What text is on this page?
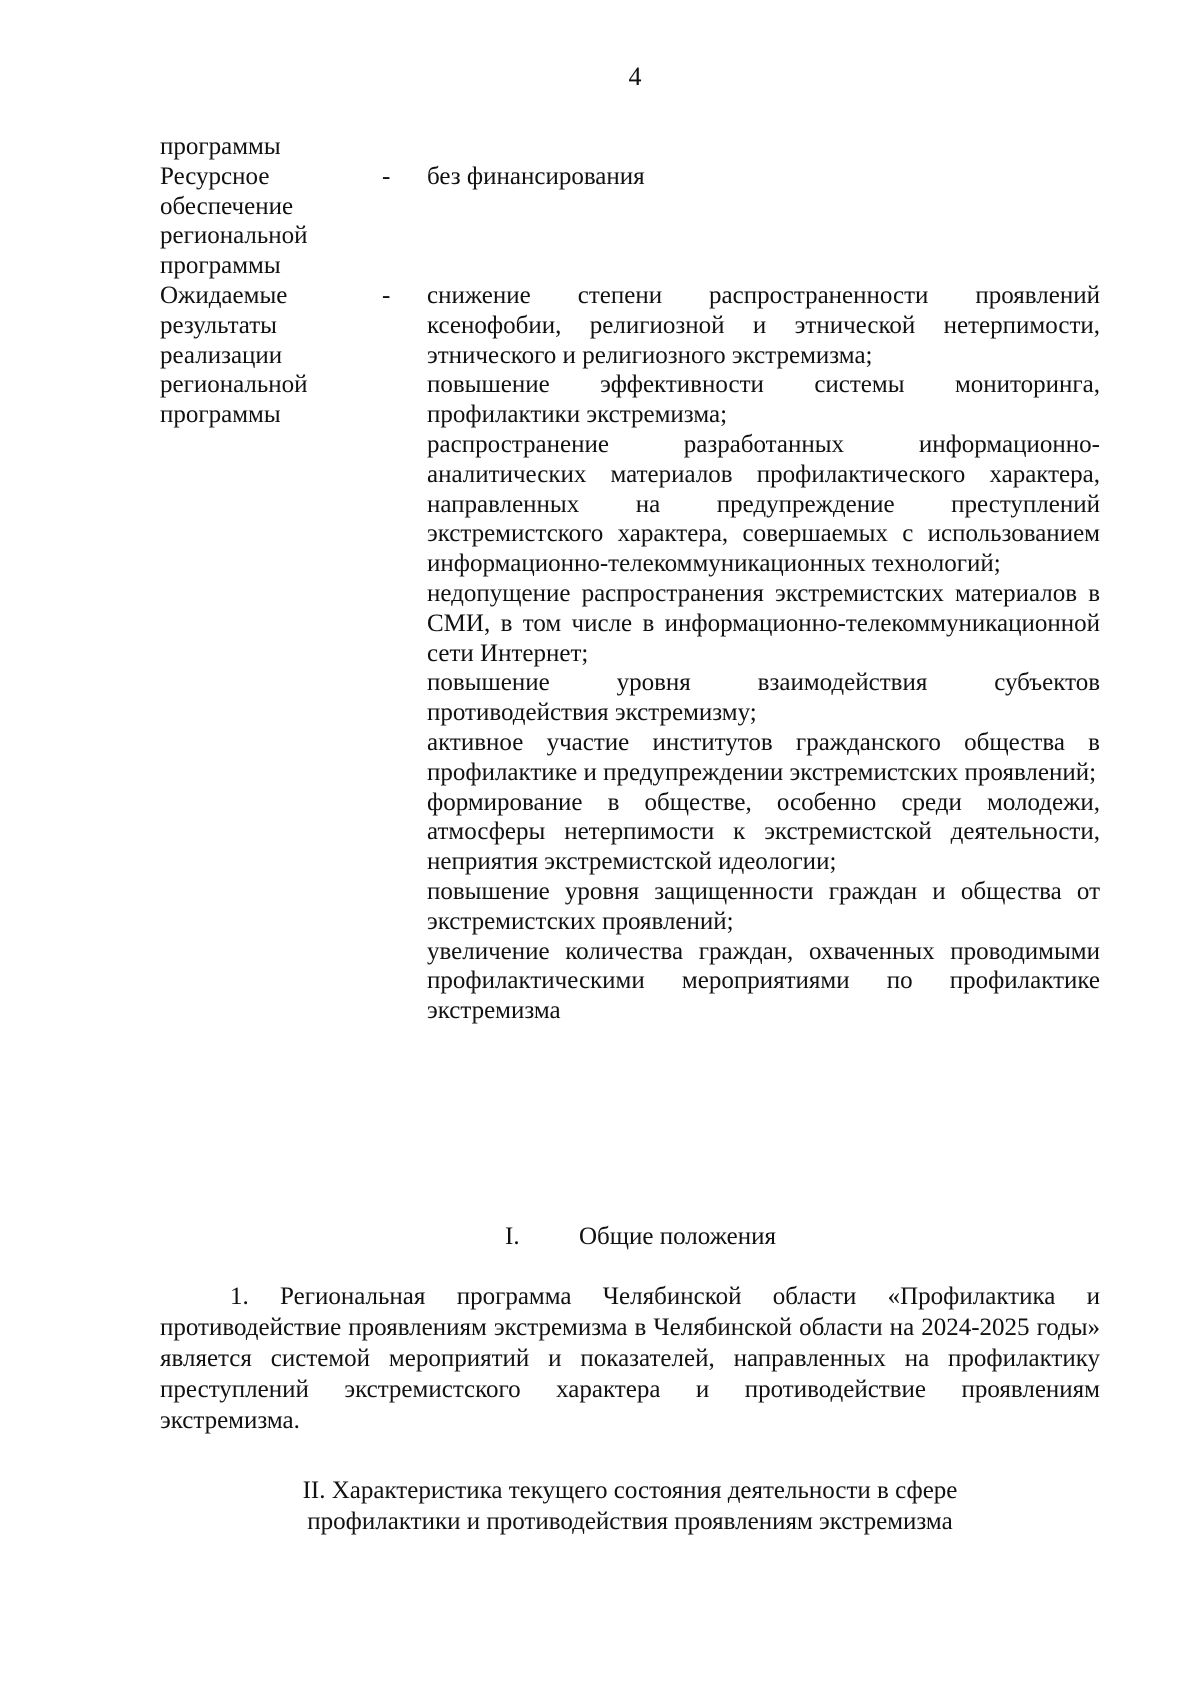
4
программы
Ресурсное
обеспечение
региональной
программы
-	без финансирования
Ожидаемые
результаты
реализации
региональной
программы
-	снижение степени распространенности проявлений ксенофобии, религиозной и этнической нетерпимости, этнического и религиозного экстремизма;
повышение эффективности системы мониторинга, профилактики экстремизма;
распространение разработанных информационно-аналитических материалов профилактического характера, направленных на предупреждение преступлений экстремистского характера, совершаемых с использованием информационно-телекоммуникационных технологий;
недопущение распространения экстремистских материалов в СМИ, в том числе в информационно-телекоммуникационной сети Интернет;
повышение уровня взаимодействия субъектов противодействия экстремизму;
активное участие институтов гражданского общества в профилактике и предупреждении экстремистских проявлений;
формирование в обществе, особенно среди молодежи, атмосферы нетерпимости к экстремистской деятельности, неприятия экстремистской идеологии;
повышение уровня защищенности граждан и общества от экстремистских проявлений;
увеличение количества граждан, охваченных проводимыми профилактическими мероприятиями по профилактике экстремизма
I. Общие положения
1. Региональная программа Челябинской области «Профилактика и противодействие проявлениям экстремизма в Челябинской области на 2024-2025 годы» является системой мероприятий и показателей, направленных на профилактику преступлений экстремистского характера и противодействие проявлениям экстремизма.
II. Характеристика текущего состояния деятельности в сфере
профилактики и противодействия проявлениям экстремизма
